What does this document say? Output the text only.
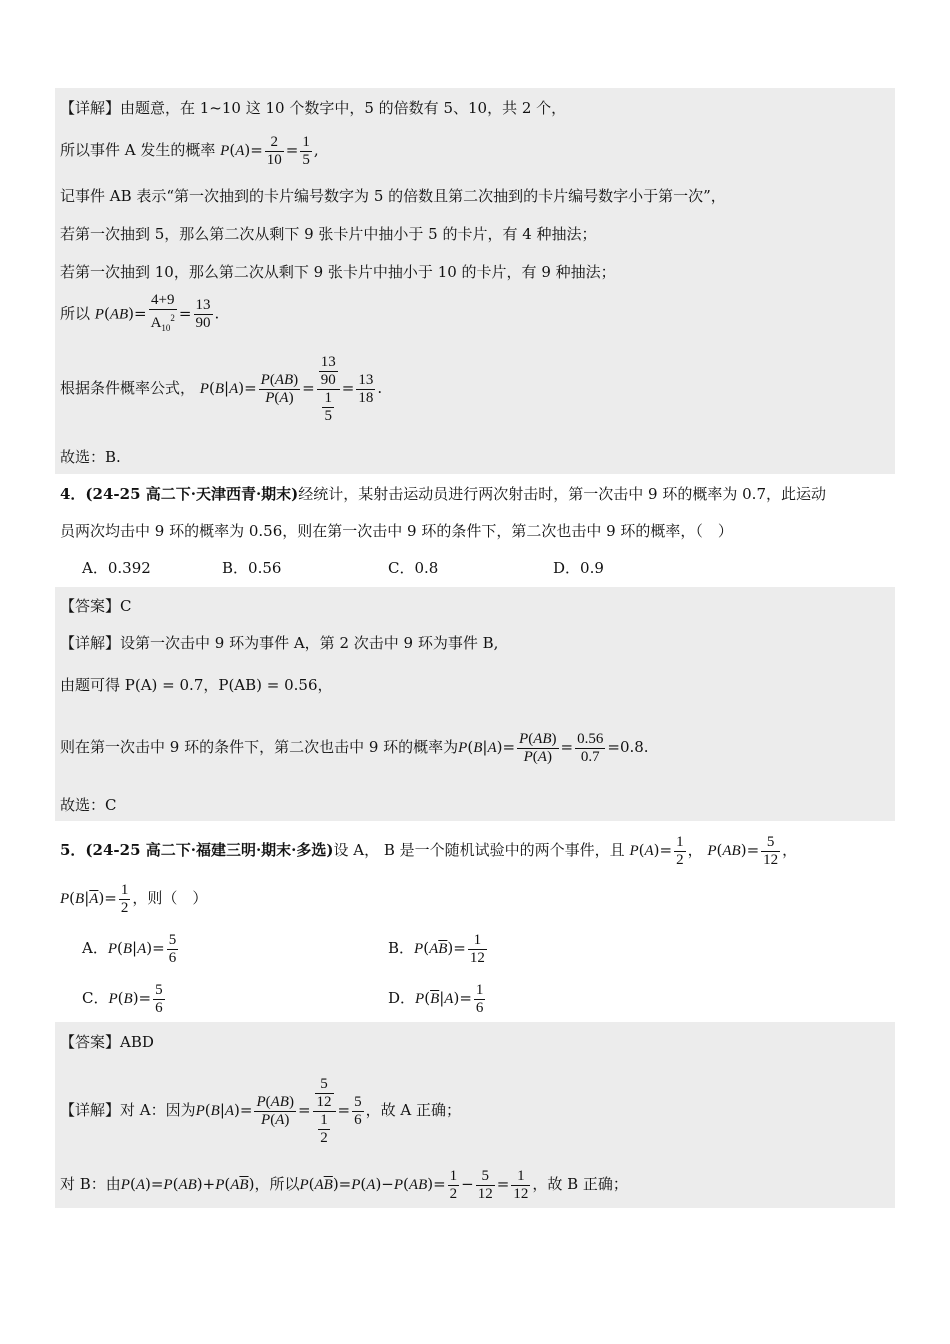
【详解】由题意，在 1~10 这 10 个数字中，5 的倍数有 5、10，共 2 个，
所以事件 A 发生的概率 $P(A)= \frac{2}{10} = \frac{1}{5}$ ,
记事件 AB 表示“第一次抽到的卡片编号数字为 5 的倍数且第二次抽到的卡片编号数字小于第一次”，
若第一次抽到 5，那么第二次从剩下 9 张卡片中抽小于 5 的卡片，有 4 种抽法；
若第一次抽到 10，那么第二次从剩下 9 张卡片中抽小于 10 的卡片，有 9 种抽法；
所以 $P(AB)= \frac{4+9}{A_{10}^2} = \frac{13}{90}$ .
根据条件概率公式， $P(B|A)= \frac{P(AB)}{P(A)} = \frac{\frac{13}{90}}{\frac{1}{5}} = \frac{13}{18}$ .
故选：B.
4．(24-25 高二下·天津西青·期末)经统计，某射击运动员进行两次射击时，第一次击中 9 环的概率为 0.7，此运动
员两次均击中 9 环的概率为 0.56，则在第一次击中 9 环的条件下，第二次也击中 9 环的概率，（　）
A．0.392	B．0.56	C．0.8	D．0.9
【答案】C
【详解】设第一次击中 9 环为事件 A，第 2 次击中 9 环为事件 B,
由题可得 P(A) = 0.7，P(AB) = 0.56，
则在第一次击中 9 环的条件下，第二次也击中 9 环的概率为$P(B|A)= \frac{P(AB)}{P(A)} = \frac{0.56}{0.7} =0.8$.
故选：C
5．(24-25 高二下·福建三明·期末·多选)设 A， B 是一个随机试验中的两个事件，且 $P(A)= \frac{1}{2}$ ， $P(AB)= \frac{5}{12}$ ，
$P(B|\overline{A})= \frac{1}{2}$ ，则（　）
A．$P(B|A)= \frac{5}{6}$	B．$P(A\overline{B})= \frac{1}{12}$
C．$P(B)= \frac{5}{6}$	D．$P(\overline{B}|A)= \frac{1}{6}$
【答案】ABD
【详解】对 A：因为$P(B|A)= \frac{P(AB)}{P(A)} = \frac{\frac{5}{12}}{\frac{1}{2}} = \frac{5}{6}$ ，故 A 正确；
对 B：由$P(A)=P(AB)+P(A\overline{B})$，所以$P(A\overline{B})=P(A)-P(AB)= \frac{1}{2} - \frac{5}{12} = \frac{1}{12}$ ，故 B 正确；
